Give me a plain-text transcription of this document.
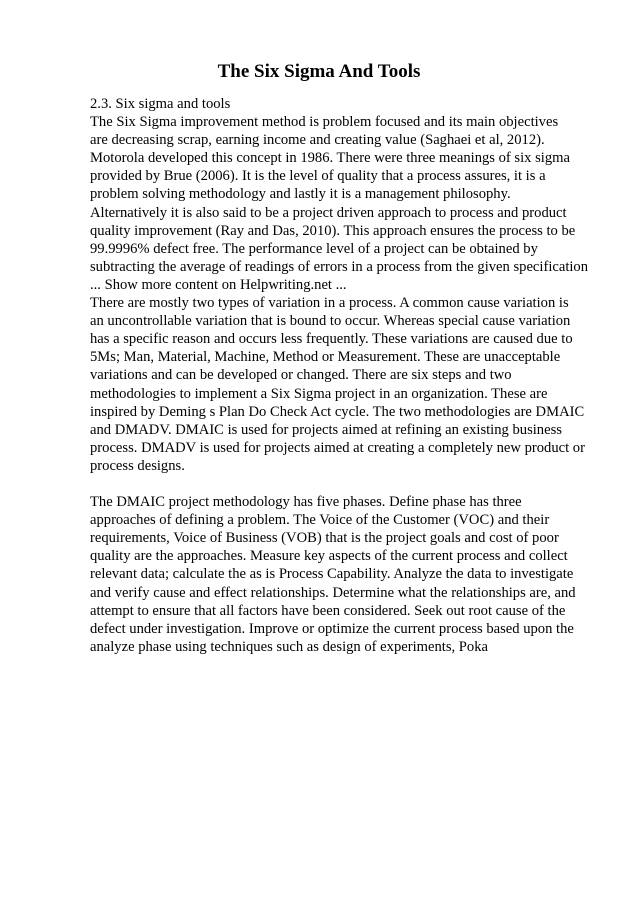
The Six Sigma And Tools
2.3. Six sigma and tools
The Six Sigma improvement method is problem focused and its main objectives
are decreasing scrap, earning income and creating value (Saghaei et al, 2012).
Motorola developed this concept in 1986. There were three meanings of six sigma
provided by Brue (2006). It is the level of quality that a process assures, it is a
problem solving methodology and lastly it is a management philosophy.
Alternatively it is also said to be a project driven approach to process and product
quality improvement (Ray and Das, 2010). This approach ensures the process to be
99.9996% defect free. The performance level of a project can be obtained by
subtracting the average of readings of errors in a process from the given specification
... Show more content on Helpwriting.net ...
There are mostly two types of variation in a process. A common cause variation is
an uncontrollable variation that is bound to occur. Whereas special cause variation
has a specific reason and occurs less frequently. These variations are caused due to
5Ms; Man, Material, Machine, Method or Measurement. These are unacceptable
variations and can be developed or changed. There are six steps and two
methodologies to implement a Six Sigma project in an organization. These are
inspired by Deming s Plan Do Check Act cycle. The two methodologies are DMAIC
and DMADV. DMAIC is used for projects aimed at refining an existing business
process. DMADV is used for projects aimed at creating a completely new product or
process designs.
The DMAIC project methodology has five phases. Define phase has three
approaches of defining a problem. The Voice of the Customer (VOC) and their
requirements, Voice of Business (VOB) that is the project goals and cost of poor
quality are the approaches. Measure key aspects of the current process and collect
relevant data; calculate the as is Process Capability. Analyze the data to investigate
and verify cause and effect relationships. Determine what the relationships are, and
attempt to ensure that all factors have been considered. Seek out root cause of the
defect under investigation. Improve or optimize the current process based upon the
analyze phase using techniques such as design of experiments, Poka
